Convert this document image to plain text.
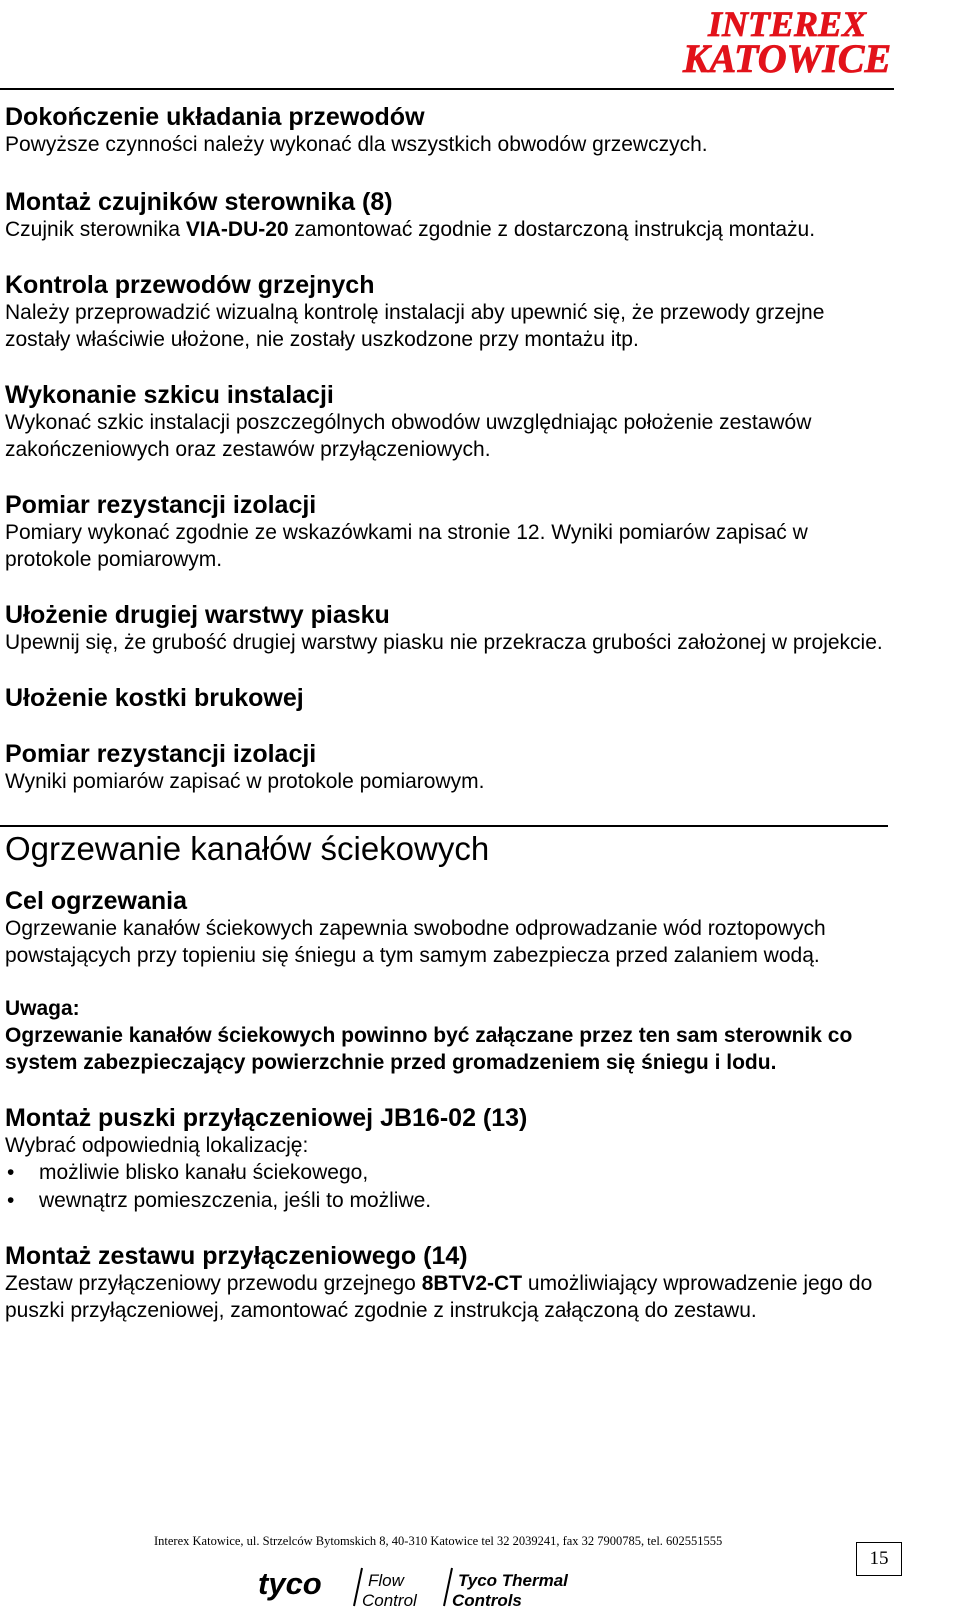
INTEREX
KATOWICE
Dokończenie układania przewodów

Powyższe czynności należy wykonać dla wszystkich obwodów grzewczych.

Montaż czujników sterownika (8)

Czujnik sterownika VIA-DU-20 zamontować zgodnie z dostarczoną instrukcją montażu.

Kontrola przewodów grzejnych

Należy przeprowadzić wizualną kontrolę instalacji aby upewnić się, że przewody grzejne zostały właściwie ułożone, nie zostały uszkodzone przy montażu itp.

Wykonanie szkicu instalacji

Wykonać szkic instalacji poszczególnych obwodów uwzględniając położenie zestawów zakończeniowych oraz zestawów przyłączeniowych.

Pomiar rezystancji izolacji

Pomiary wykonać zgodnie ze wskazówkami na stronie 12. Wyniki pomiarów zapisać w protokole pomiarowym.

Ułożenie drugiej warstwy piasku

Upewnij się, że grubość drugiej warstwy piasku nie przekracza grubości założonej w projekcie.

Ułożenie kostki brukowej
Pomiar rezystancji izolacji

Wyniki pomiarów zapisać w protokole pomiarowym.

Ogrzewanie kanałów ściekowych
Cel ogrzewania

Ogrzewanie kanałów ściekowych zapewnia swobodne odprowadzanie wód roztopowych powstających przy topieniu się śniegu a tym samym zabezpiecza przed zalaniem wodą.

Uwaga:

Ogrzewanie kanałów ściekowych powinno być załączane przez ten sam sterownik co system zabezpieczający powierzchnie przed gromadzeniem się śniegu i lodu.

Montaż puszki przyłączeniowej JB16-02 (13)

Wybrać odpowiednią lokalizację:

• możliwie blisko kanału ściekowego,
• wewnątrz pomieszczenia, jeśli to możliwe.
Montaż zestawu przyłączeniowego (14)

Zestaw przyłączeniowy przewodu grzejnego 8BTV2-CT umożliwiający wprowadzenie jego do puszki przyłączeniowej, zamontować zgodnie z instrukcją załączoną do zestawu.

Interex Katowice, ul. Strzelców Bytomskich 8, 40-310 Katowice tel 32 2039241, fax 32 7900785, tel. 602551555
15
tyco	Flow
Control
Tyco Thermal
Controls
